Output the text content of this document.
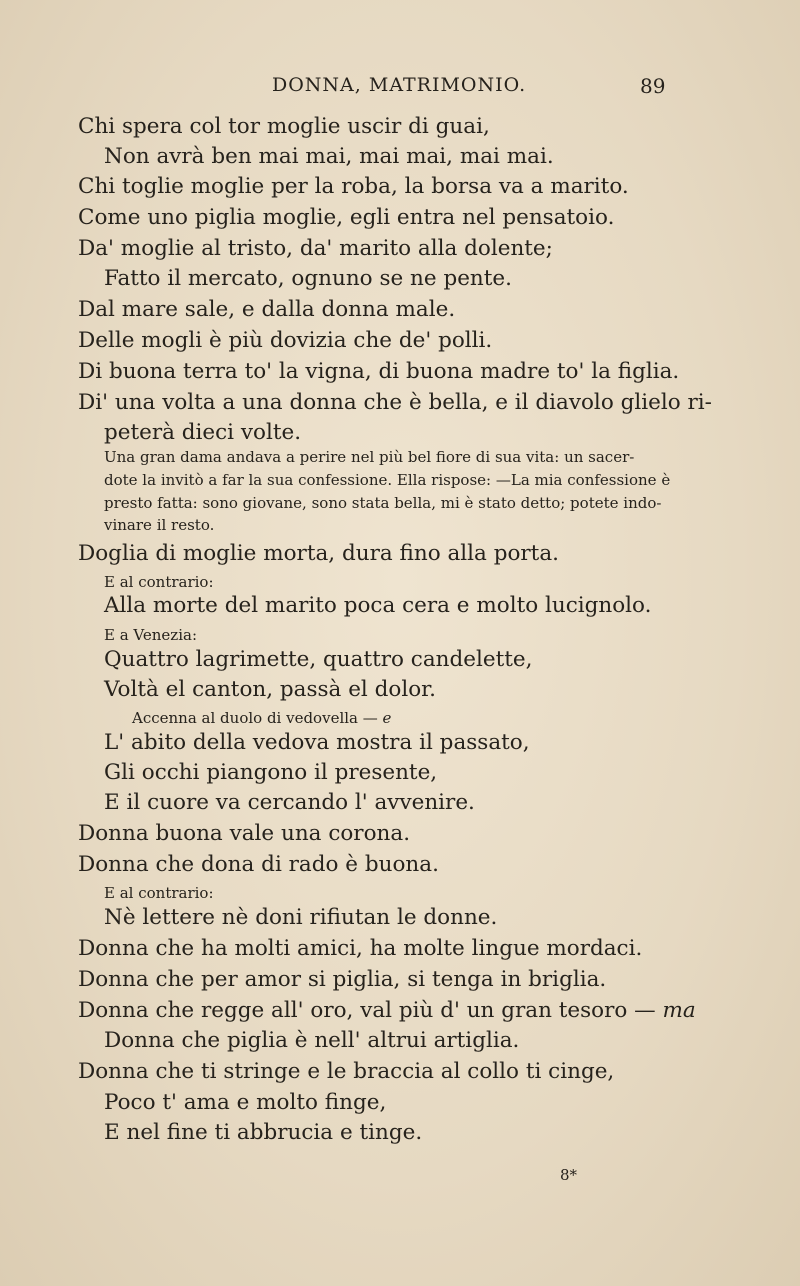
DONNA, MATRIMONIO.	89
Chi spera col tor moglie uscir di guai,
Non avrà ben mai mai, mai mai, mai mai.
Chi toglie moglie per la roba, la borsa va a marito.
Come uno piglia moglie, egli entra nel pensatoio.
Da' moglie al tristo, da' marito alla dolente;
Fatto il mercato, ognuno se ne pente.
Dal mare sale, e dalla donna male.
Delle mogli è più dovizia che de' polli.
Di buona terra to' la vigna, di buona madre to' la figlia.
Di' una volta a una donna che è bella, e il diavolo glielo ri-
peterà dieci volte.
Una gran dama andava a perire nel più bel fiore di sua vita: un sacer-
dote la invitò a far la sua confessione. Ella rispose: —La mia confessione è
presto fatta: sono giovane, sono stata bella, mi è stato detto; potete indo-
vinare il resto.
Doglia di moglie morta, dura fino alla porta.
E al contrario:
Alla morte del marito poca cera e molto lucignolo.
E a Venezia:
Quattro lagrimette, quattro candelette,
Voltà el canton, passà el dolor.
Accenna al duolo di vedovella — e
L' abito della vedova mostra il passato,
Gli occhi piangono il presente,
E il cuore va cercando l' avvenire.
Donna buona vale una corona.
Donna che dona di rado è buona.
E al contrario:
Nè lettere nè doni rifiutan le donne.
Donna che ha molti amici, ha molte lingue mordaci.
Donna che per amor si piglia, si tenga in briglia.
Donna che regge all' oro, val più d' un gran tesoro — ma
Donna che piglia è nell' altrui artiglia.
Donna che ti stringe e le braccia al collo ti cinge,
Poco t' ama e molto finge,
E nel fine ti abbrucia e tinge.
8*
